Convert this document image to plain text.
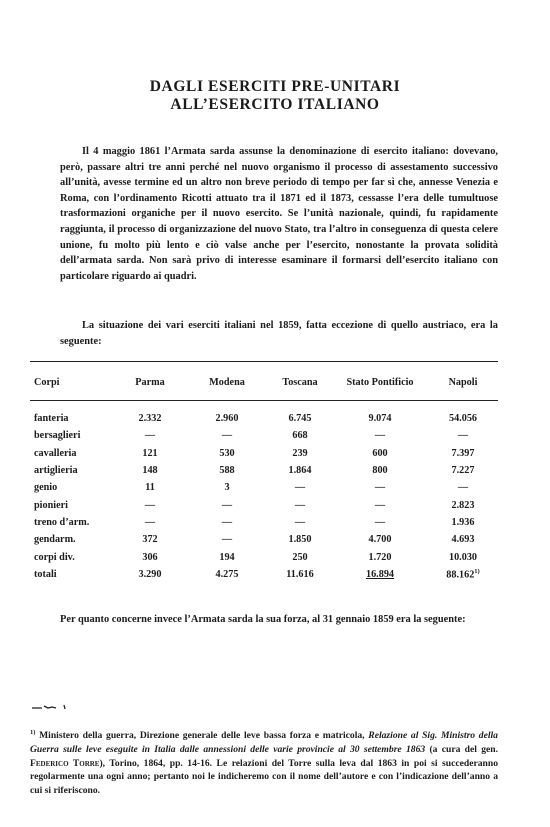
DAGLI ESERCITI PRE-UNITARI
ALL’ESERCITO ITALIANO
Il 4 maggio 1861 l’Armata sarda assunse la denominazione di esercito italiano: dovevano, però, passare altri tre anni perché nel nuovo organismo il processo di assestamento successivo all’unità, avesse termine ed un altro non breve periodo di tempo per far sì che, annesse Venezia e Roma, con l’ordinamento Ricotti attuato tra il 1871 ed il 1873, cessasse l’era delle tumultuose trasformazioni organiche per il nuovo esercito. Se l’unità nazionale, quindi, fu rapidamente raggiunta, il processo di organizzazione del nuovo Stato, tra l’altro in conseguenza di questa celere unione, fu molto più lento e ciò valse anche per l’esercito, nonostante la provata solidità dell’armata sarda. Non sarà privo di interesse esaminare il formarsi dell’esercito italiano con particolare riguardo ai quadri.
La situazione dei vari eserciti italiani nel 1859, fatta eccezione di quello austriaco, era la seguente:
Corpi	Parma	Modena	Toscana	Stato Pontificio	Napoli

fanteria	2.332	2.960	6.745	9.074	54.056
bersaglieri	—	—	668	—	—
cavalleria	121	530	239	600	7.397
artiglieria	148	588	1.864	800	7.227
genio	11	3	—	—	—
pionieri	—	—	—	—	2.823
treno d’arm.	—	—	—	—	1.936
gendarm.	372	—	1.850	4.700	4.693
corpi div.	306	194	250	1.720	10.030
totali	3.290	4.275	11.616	16.894	88.162$^{1)}$
Per quanto concerne invece l’Armata sarda la sua forza, al 31 gennaio 1859 era la seguente:
$^{1)}$ Ministero della guerra, Direzione generale delle leve bassa forza e matricola, Relazione al Sig. Ministro della Guerra sulle leve eseguite in Italia dalle annessioni delle varie provincie al 30 settembre 1863 (a cura del gen. Federico Torre), Torino, 1864, pp. 14-16. Le relazioni del Torre sulla leva dal 1863 in poi si succederanno regolarmente una ogni anno; pertanto noi le indicheremo con il nome dell’autore e con l’indicazione dell’anno a cui si riferiscono.
